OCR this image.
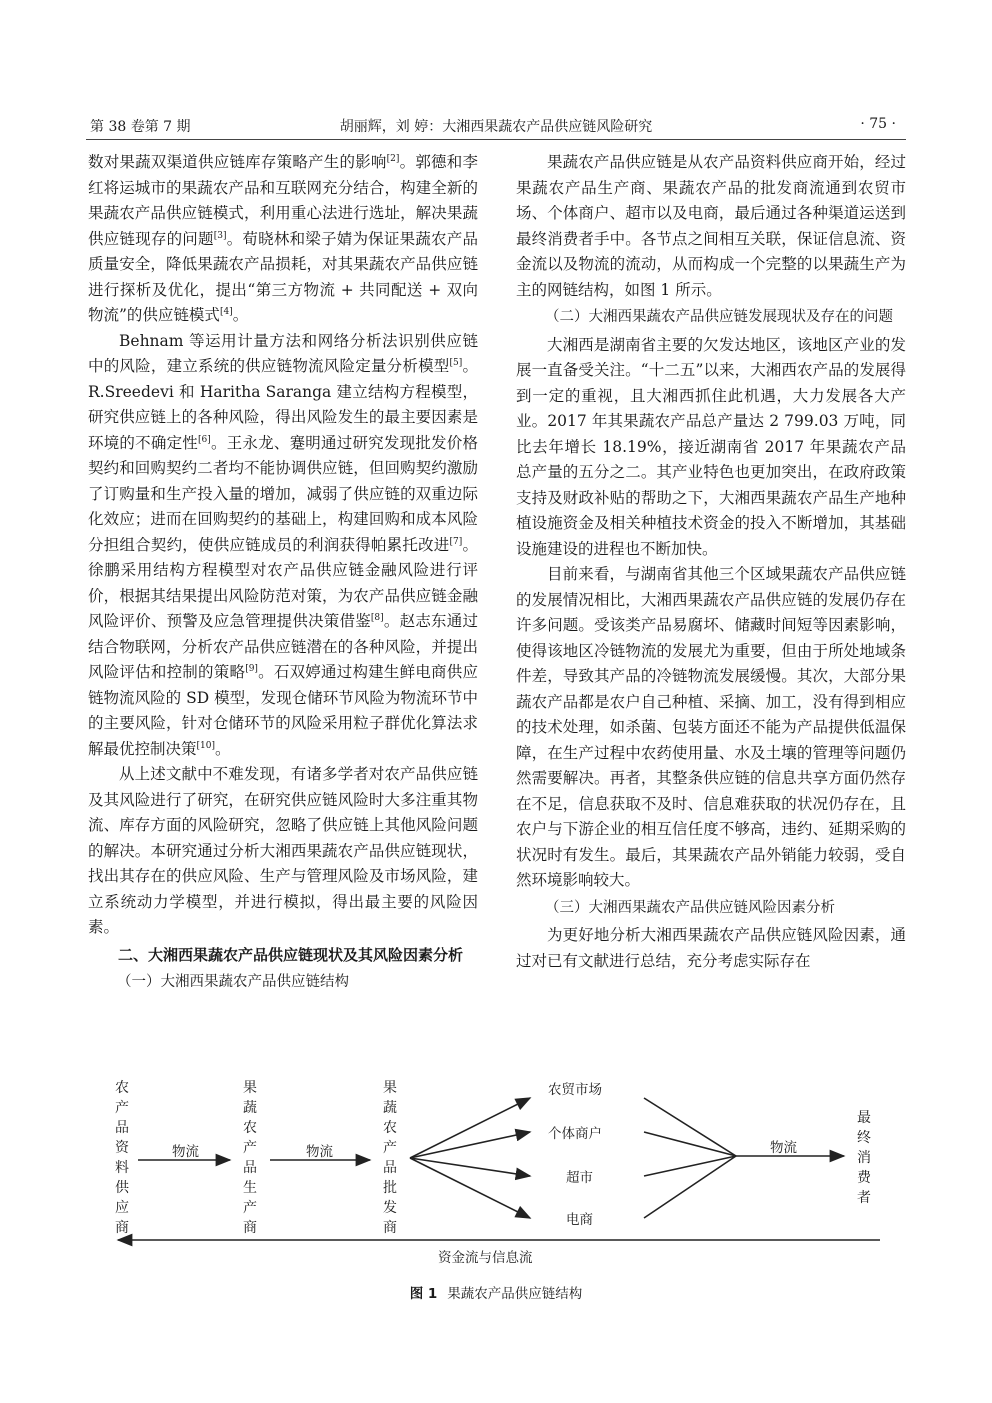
第 38 卷第 7 期	胡丽辉，刘 婷：大湘西果蔬农产品供应链风险研究	· 75 ·

数对果蔬双渠道供应链库存策略产生的影响[2]。郭德和李红将运城市的果蔬农产品和互联网充分结合，构建全新的果蔬农产品供应链模式，利用重心法进行选址，解决果蔬供应链现存的问题[3]。荀晓林和梁子婧为保证果蔬农产品质量安全，降低果蔬农产品损耗，对其果蔬农产品供应链进行探析及优化，提出“第三方物流 + 共同配送 + 双向物流”的供应链模式[4]。

Behnam 等运用计量方法和网络分析法识别供应链中的风险，建立系统的供应链物流风险定量分析模型[5]。R.Sreedevi 和 Haritha Saranga 建立结构方程模型，研究供应链上的各种风险，得出风险发生的最主要因素是环境的不确定性[6]。王永龙、蹇明通过研究发现批发价格契约和回购契约二者均不能协调供应链，但回购契约激励了订购量和生产投入量的增加，减弱了供应链的双重边际化效应；进而在回购契约的基础上，构建回购和成本风险分担组合契约，使供应链成员的利润获得帕累托改进[7]。徐鹏采用结构方程模型对农产品供应链金融风险进行评价，根据其结果提出风险防范对策，为农产品供应链金融风险评价、预警及应急管理提供决策借鉴[8]。赵志东通过结合物联网，分析农产品供应链潜在的各种风险，并提出风险评估和控制的策略[9]。石双婷通过构建生鲜电商供应链物流风险的 SD 模型，发现仓储环节风险为物流环节中的主要风险，针对仓储环节的风险采用粒子群优化算法求解最优控制决策[10]。

从上述文献中不难发现，有诸多学者对农产品供应链及其风险进行了研究，在研究供应链风险时大多注重其物流、库存方面的风险研究，忽略了供应链上其他风险问题的解决。本研究通过分析大湘西果蔬农产品供应链现状，找出其存在的供应风险、生产与管理风险及市场风险，建立系统动力学模型，并进行模拟，得出最主要的风险因素。

二、大湘西果蔬农产品供应链现状及其风险因素分析

（一）大湘西果蔬农产品供应链结构

果蔬农产品供应链是从农产品资料供应商开始，经过果蔬农产品生产商、果蔬农产品的批发商流通到农贸市场、个体商户、超市以及电商，最后通过各种渠道运送到最终消费者手中。各节点之间相互关联，保证信息流、资金流以及物流的流动，从而构成一个完整的以果蔬生产为主的网链结构，如图 1 所示。

（二）大湘西果蔬农产品供应链发展现状及存在的问题

大湘西是湖南省主要的欠发达地区，该地区产业的发展一直备受关注。“十二五”以来，大湘西农产品的发展得到一定的重视，且大湘西抓住此机遇，大力发展各大产业。2017 年其果蔬农产品总产量达 2 799.03 万吨，同比去年增长 18.19%，接近湖南省 2017 年果蔬农产品总产量的五分之二。其产业特色也更加突出，在政府政策支持及财政补贴的帮助之下，大湘西果蔬农产品生产地种植设施资金及相关种植技术资金的投入不断增加，其基础设施建设的进程也不断加快。

目前来看，与湖南省其他三个区域果蔬农产品供应链的发展情况相比，大湘西果蔬农产品供应链的发展仍存在许多问题。受该类产品易腐坏、储藏时间短等因素影响，使得该地区冷链物流的发展尤为重要，但由于所处地域条件差，导致其产品的冷链物流发展缓慢。其次，大部分果蔬农产品都是农户自己种植、采摘、加工，没有得到相应的技术处理，如杀菌、包装方面还不能为产品提供低温保障，在生产过程中农药使用量、水及土壤的管理等问题仍然需要解决。再者，其整条供应链的信息共享方面仍然存在不足，信息获取不及时、信息难获取的状况仍存在，且农户与下游企业的相互信任度不够高，违约、延期采购的状况时有发生。最后，其果蔬农产品外销能力较弱，受自然环境影响较大。

（三）大湘西果蔬农产品供应链风险因素分析

为更好地分析大湘西果蔬农产品供应链风险因素，通过对已有文献进行总结，充分考虑实际存在

农产品资料供应商
果蔬农产品生产商
果蔬农产品批发商
最终消费者
农贸市场
个体商户
超市
电商
物流	物流	物流
资金流与信息流
图 1 果蔬农产品供应链结构
